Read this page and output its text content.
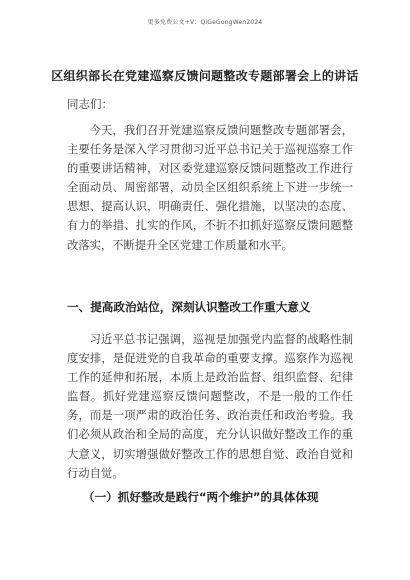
更多免费公文+V：QiGeGongWen2024
区组织部长在党建巡察反馈问题整改专题部署会上的讲话
同志们：
今天，我们召开党建巡察反馈问题整改专题部署会，主要任务是深入学习贯彻习近平总书记关于巡视巡察工作的重要讲话精神，对区委党建巡察反馈问题整改工作进行全面动员、周密部署，动员全区组织系统上下进一步统一思想、提高认识，明确责任、强化措施，以坚决的态度、有力的举措、扎实的作风，不折不扣抓好巡察反馈问题整改落实，不断提升全区党建工作质量和水平。
一、提高政治站位，深刻认识整改工作重大意义
习近平总书记强调，巡视是加强党内监督的战略性制度安排，是促进党的自我革命的重要支撑。巡察作为巡视工作的延伸和拓展，本质上是政治监督、组织监督、纪律监督。抓好党建巡察反馈问题整改，不是一般的工作任务，而是一项严肃的政治任务、政治责任和政治考验。我们必须从政治和全局的高度，充分认识做好整改工作的重大意义，切实增强做好整改工作的思想自觉、政治自觉和行动自觉。
（一）抓好整改是践行“两个维护”的具体体现
